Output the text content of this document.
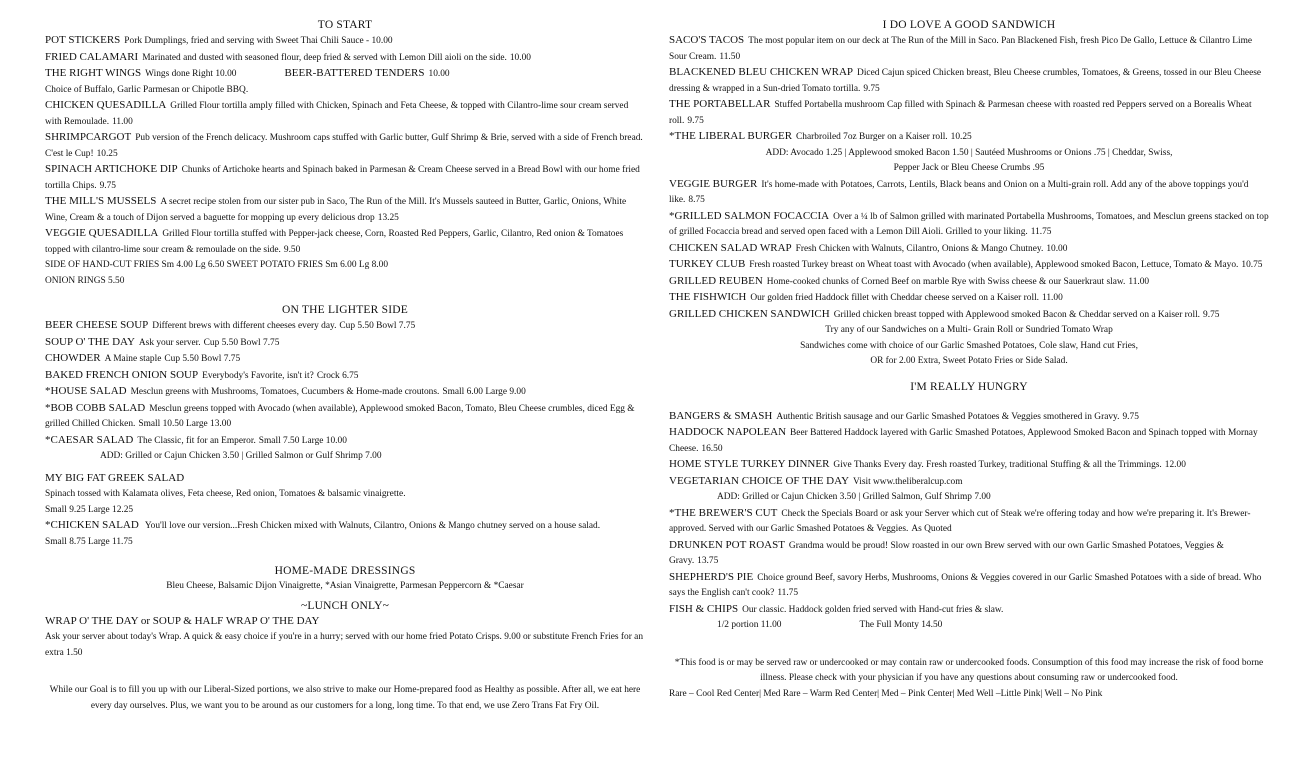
TO START

POT STICKERS Pork Dumplings, fried and serving with Sweet Thai Chili Sauce - 10.00

FRIED CALAMARI Marinated and dusted with seasoned flour, deep fried & served with Lemon Dill aioli on the side. 10.00

THE RIGHT WINGS Wings done Right 10.00	BEER-BATTERED TENDERS 10.00

Choice of Buffalo, Garlic Parmesan or Chipotle BBQ.

CHICKEN QUESADILLA Grilled Flour tortilla amply filled with Chicken, Spinach and Feta Cheese, & topped with Cilantro-lime sour cream served with Remoulade. 11.00

SHRIMPCARGOT Pub version of the French delicacy. Mushroom caps stuffed with Garlic butter, Gulf Shrimp & Brie, served with a side of French bread. C'est le Cup! 10.25

SPINACH ARTICHOKE DIP Chunks of Artichoke hearts and Spinach baked in Parmesan & Cream Cheese served in a Bread Bowl with our home fried tortilla Chips. 9.75

THE MILL'S MUSSELS A secret recipe stolen from our sister pub in Saco, The Run of the Mill. It's Mussels sauteed in Butter, Garlic, Onions, White Wine, Cream & a touch of Dijon served a baguette for mopping up every delicious drop 13.25

VEGGIE QUESADILLA Grilled Flour tortilla stuffed with Pepper-jack cheese, Corn, Roasted Red Peppers, Garlic, Cilantro, Red onion & Tomatoes topped with cilantro-lime sour cream & remoulade on the side. 9.50

SIDE OF HAND-CUT FRIES Sm 4.00 Lg 6.50 SWEET POTATO FRIES Sm 6.00 Lg 8.00

ONION RINGS 5.50

ON THE LIGHTER SIDE

BEER CHEESE SOUP Different brews with different cheeses every day. Cup 5.50 Bowl 7.75

SOUP O' THE DAY Ask your server. Cup 5.50 Bowl 7.75

CHOWDER A Maine staple Cup 5.50 Bowl 7.75

BAKED FRENCH ONION SOUP Everybody's Favorite, isn't it? Crock 6.75

*HOUSE SALAD Mesclun greens with Mushrooms, Tomatoes, Cucumbers & Home-made croutons. Small 6.00 Large 9.00

*BOB COBB SALAD Mesclun greens topped with Avocado (when available), Applewood smoked Bacon, Tomato, Bleu Cheese crumbles, diced Egg & grilled Chilled Chicken. Small 10.50 Large 13.00

*CAESAR SALAD The Classic, fit for an Emperor. Small 7.50 Large 10.00

ADD: Grilled or Cajun Chicken 3.50 | Grilled Salmon or Gulf Shrimp 7.00

MY BIG FAT GREEK SALAD
Spinach tossed with Kalamata olives, Feta cheese, Red onion, Tomatoes & balsamic vinaigrette.
Small 9.25 Large 12.25

*CHICKEN SALAD You'll love our version...Fresh Chicken mixed with Walnuts, Cilantro, Onions & Mango chutney served on a house salad.
Small 8.75 Large 11.75

HOME-MADE DRESSINGS

Bleu Cheese, Balsamic Dijon Vinaigrette, *Asian Vinaigrette, Parmesan Peppercorn & *Caesar

~LUNCH ONLY~

WRAP O' THE DAY or SOUP & HALF WRAP O' THE DAY
Ask your server about today's Wrap. A quick & easy choice if you're in a hurry; served with our home fried Potato Crisps. 9.00 or substitute French Fries for an extra 1.50

While our Goal is to fill you up with our Liberal-Sized portions, we also strive to make our Home-prepared food as Healthy as possible. After all, we eat here every day ourselves. Plus, we want you to be around as our customers for a long, long time. To that end, we use Zero Trans Fat Fry Oil.

I DO LOVE A GOOD SANDWICH

SACO'S TACOS The most popular item on our deck at The Run of the Mill in Saco. Pan Blackened Fish, fresh Pico De Gallo, Lettuce & Cilantro Lime Sour Cream. 11.50

BLACKENED BLEU CHICKEN WRAP Diced Cajun spiced Chicken breast, Bleu Cheese crumbles, Tomatoes, & Greens, tossed in our Bleu Cheese dressing & wrapped in a Sun-dried Tomato tortilla. 9.75

THE PORTABELLAR Stuffed Portabella mushroom Cap filled with Spinach & Parmesan cheese with roasted red Peppers served on a Borealis Wheat roll. 9.75

*THE LIBERAL BURGER Charbroiled 7oz Burger on a Kaiser roll. 10.25

ADD: Avocado 1.25 | Applewood smoked Bacon 1.50 | Sautéed Mushrooms or Onions .75 | Cheddar, Swiss,

Pepper Jack or Bleu Cheese Crumbs .95

VEGGIE BURGER It's home-made with Potatoes, Carrots, Lentils, Black beans and Onion on a Multi-grain roll. Add any of the above toppings you'd like. 8.75

*GRILLED SALMON FOCACCIA Over a ¼ lb of Salmon grilled with marinated Portabella Mushrooms, Tomatoes, and Mesclun greens stacked on top of grilled Focaccia bread and served open faced with a Lemon Dill Aioli. Grilled to your liking. 11.75

CHICKEN SALAD WRAP Fresh Chicken with Walnuts, Cilantro, Onions & Mango Chutney. 10.00

TURKEY CLUB Fresh roasted Turkey breast on Wheat toast with Avocado (when available), Applewood smoked Bacon, Lettuce, Tomato & Mayo. 10.75

GRILLED REUBEN Home-cooked chunks of Corned Beef on marble Rye with Swiss cheese & our Sauerkraut slaw. 11.00

THE FISHWICH Our golden fried Haddock fillet with Cheddar cheese served on a Kaiser roll. 11.00

GRILLED CHICKEN SANDWICH Grilled chicken breast topped with Applewood smoked Bacon & Cheddar served on a Kaiser roll. 9.75

Try any of our Sandwiches on a Multi- Grain Roll or Sundried Tomato Wrap

Sandwiches come with choice of our Garlic Smashed Potatoes, Cole slaw, Hand cut Fries,

OR for 2.00 Extra, Sweet Potato Fries or Side Salad.

I'M REALLY HUNGRY

BANGERS & SMASH Authentic British sausage and our Garlic Smashed Potatoes & Veggies smothered in Gravy. 9.75

HADDOCK NAPOLEAN Beer Battered Haddock layered with Garlic Smashed Potatoes, Applewood Smoked Bacon and Spinach topped with Mornay Cheese. 16.50

HOME STYLE TURKEY DINNER Give Thanks Every day. Fresh roasted Turkey, traditional Stuffing & all the Trimmings. 12.00

VEGETARIAN CHOICE OF THE DAY Visit www.theliberalcup.com

ADD: Grilled or Cajun Chicken 3.50 | Grilled Salmon, Gulf Shrimp 7.00

*THE BREWER'S CUT Check the Specials Board or ask your Server which cut of Steak we're offering today and how we're preparing it. It's Brewer-approved. Served with our Garlic Smashed Potatoes & Veggies. As Quoted

DRUNKEN POT ROAST Grandma would be proud! Slow roasted in our own Brew served with our own Garlic Smashed Potatoes, Veggies & Gravy. 13.75

SHEPHERD'S PIE Choice ground Beef, savory Herbs, Mushrooms, Onions & Veggies covered in our Garlic Smashed Potatoes with a side of bread. Who says the English can't cook? 11.75

FISH & CHIPS Our classic. Haddock golden fried served with Hand-cut fries & slaw.

1/2 portion 11.00	The Full Monty 14.50

*This food is or may be served raw or undercooked or may contain raw or undercooked foods. Consumption of this food may increase the risk of food borne illness. Please check with your physician if you have any questions about consuming raw or undercooked food.

Rare – Cool Red Center| Med Rare – Warm Red Center| Med – Pink Center| Med Well –Little Pink| Well – No Pink
